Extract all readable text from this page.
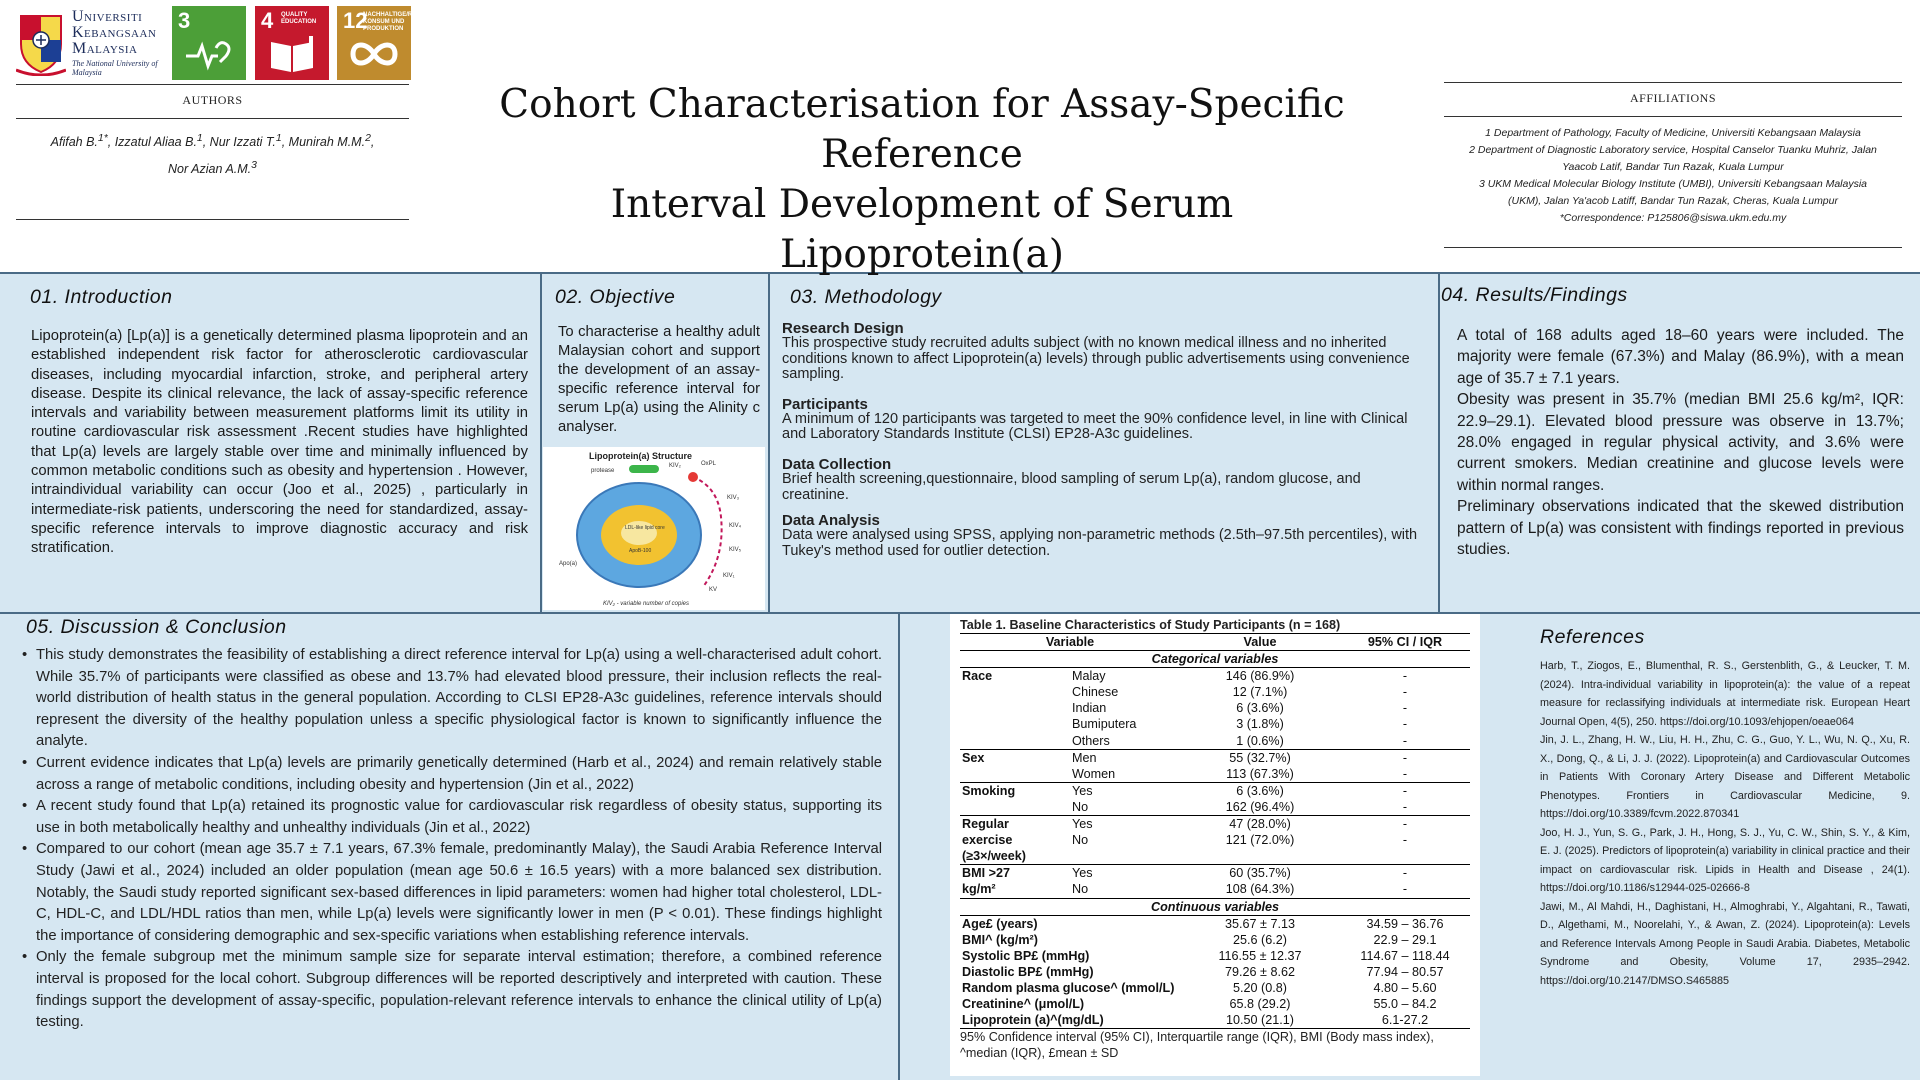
Universiti
Kebangsaan
Malaysia
The National University of Malaysia
3	4	QUALITY EDUCATION	12
NACHHALTIGE/R KONSUM UND PRODUKTION
AUTHORS
Afifah B.$^{1*}$, Izzatul Aliaa B.$^1$, Nur Izzati T.$^1$, Munirah M.M.$^2$,
Nor Azian A.M.$^3$
Cohort Characterisation for Assay-Specific Reference
Interval Development of Serum
Lipoprotein(a)
AFFILIATIONS
1 Department of Pathology, Faculty of Medicine, Universiti Kebangsaan Malaysia
2 Department of Diagnostic Laboratory service, Hospital Canselor Tuanku Muhriz, Jalan
Yaacob Latif, Bandar Tun Razak, Kuala Lumpur
3 UKM Medical Molecular Biology Institute (UMBI), Universiti Kebangsaan Malaysia
(UKM), Jalan Ya'acob Latiff, Bandar Tun Razak, Cheras, Kuala Lumpur
*Correspondence: P125806@siswa.ukm.edu.my
01. Introduction
Lipoprotein(a) [Lp(a)] is a genetically determined plasma lipoprotein and an established independent risk factor for atherosclerotic cardiovascular diseases, including myocardial infarction, stroke, and peripheral artery disease. Despite its clinical relevance, the lack of assay-specific reference intervals and variability between measurement platforms limit its utility in routine cardiovascular risk assessment .Recent studies have highlighted that Lp(a) levels are largely stable over time and minimally influenced by common metabolic conditions such as obesity and hypertension . However, intraindividual variability can occur (Joo et al., 2025) , particularly in intermediate-risk patients, underscoring the need for standardized, assay-specific reference intervals to improve diagnostic accuracy and risk stratification.
02. Objective
To characterise a healthy adult Malaysian cohort and support the development of an assay-specific reference interval for serum Lp(a) using the Alinity c analyser.
Lipoprotein(a) Structure
protease
LDL-like lipid core
ApoB-100
OxPL
KIV₂
KIV₃
KIV₄
KIV₅
Apo(a)
KIV₁
KV
KIV₂ - variable number of copies
03. Methodology
Research Design
This prospective study recruited adults subject (with no known medical illness and no inherited conditions known to affect Lipoprotein(a) levels) through public advertisements using convenience sampling.
Participants
A minimum of 120 participants was targeted to meet the 90% confidence level, in line with Clinical and Laboratory Standards Institute (CLSI) EP28-A3c guidelines.
Data Collection
Brief health screening,questionnaire, blood sampling of serum Lp(a), random glucose, and creatinine.
Data Analysis
Data were analysed using SPSS, applying non-parametric methods (2.5th–97.5th percentiles), with Tukey's method used for outlier detection.
04. Results/Findings
A total of 168 adults aged 18–60 years were included. The majority were female (67.3%) and Malay (86.9%), with a mean age of 35.7 ± 7.1 years.
Obesity was present in 35.7% (median BMI 25.6 kg/m², IQR: 22.9–29.1). Elevated blood pressure was observe in 13.7%; 28.0% engaged in regular physical activity, and 3.6% were current smokers. Median creatinine and glucose levels were within normal ranges.
Preliminary observations indicated that the skewed distribution pattern of Lp(a) was consistent with findings reported in previous studies.
05. Discussion & Conclusion
• This study demonstrates the feasibility of establishing a direct reference interval for Lp(a) using a well-characterised adult cohort. While 35.7% of participants were classified as obese and 13.7% had elevated blood pressure, their inclusion reflects the real-world distribution of health status in the general population. According to CLSI EP28-A3c guidelines, reference intervals should represent the diversity of the healthy population unless a specific physiological factor is known to significantly influence the analyte.
• Current evidence indicates that Lp(a) levels are primarily genetically determined (Harb et al., 2024) and remain relatively stable across a range of metabolic conditions, including obesity and hypertension (Jin et al., 2022)
• A recent study found that Lp(a) retained its prognostic value for cardiovascular risk regardless of obesity status, supporting its use in both metabolically healthy and unhealthy individuals (Jin et al., 2022)
• Compared to our cohort (mean age 35.7 ± 7.1 years, 67.3% female, predominantly Malay), the Saudi Arabia Reference Interval Study (Jawi et al., 2024) included an older population (mean age 50.6 ± 16.5 years) with a more balanced sex distribution. Notably, the Saudi study reported significant sex-based differences in lipid parameters: women had higher total cholesterol, LDL-C, HDL-C, and LDL/HDL ratios than men, while Lp(a) levels were significantly lower in men (P < 0.01). These findings highlight the importance of considering demographic and sex-specific variations when establishing reference intervals.
• Only the female subgroup met the minimum sample size for separate interval estimation; therefore, a combined reference interval is proposed for the local cohort. Subgroup differences will be reported descriptively and interpreted with caution. These findings support the development of assay-specific, population-relevant reference intervals to enhance the clinical utility of Lp(a) testing.
Table 1. Baseline Characteristics of Study Participants (n = 168)
Variable		Value	95% CI / IQR
Categorical variables			
Race	Malay	146 (86.9%)	-
	Chinese	12 (7.1%)	-
	Indian	6 (3.6%)	-
	Bumiputera	3 (1.8%)	-
	Others	1 (0.6%)	-
Sex	Men	55 (32.7%)	-
	Women	113 (67.3%)	-
Smoking	Yes	6 (3.6%)	-
	No	162 (96.4%)	-
Regular	Yes	47 (28.0%)	-
exercise (≥3×/week)	No	121 (72.0%)	-
BMI >27	Yes	60 (35.7%)	-
kg/m²	No	108 (64.3%)	-
Continuous variables			
Age£ (years)		35.67 ± 7.13	34.59 – 36.76
BMI^ (kg/m²)		25.6 (6.2)	22.9 – 29.1
Systolic BP£ (mmHg)		116.55 ± 12.37	114.67 – 118.44
Diastolic BP£ (mmHg)		79.26 ± 8.62	77.94 – 80.57
Random plasma glucose^ (mmol/L)		5.20 (0.8)	4.80 – 5.60
Creatinine^ (μmol/L)		65.8 (29.2)	55.0 – 84.2
Lipoprotein (a)^(mg/dL)		10.50 (21.1)	6.1-27.2
95% Confidence interval (95% CI), Interquartile range (IQR), BMI (Body mass index), ^median (IQR), £mean ± SD
References

Harb, T., Ziogos, E., Blumenthal, R. S., Gerstenblith, G., & Leucker, T. M. (2024). Intra-individual variability in lipoprotein(a): the value of a repeat measure for reclassifying individuals at intermediate risk. European Heart Journal Open, 4(5), 250. https://doi.org/10.1093/ehjopen/oeae064

Jin, J. L., Zhang, H. W., Liu, H. H., Zhu, C. G., Guo, Y. L., Wu, N. Q., Xu, R. X., Dong, Q., & Li, J. J. (2022). Lipoprotein(a) and Cardiovascular Outcomes in Patients With Coronary Artery Disease and Different Metabolic Phenotypes. Frontiers in Cardiovascular Medicine, 9. https://doi.org/10.3389/fcvm.2022.870341

Joo, H. J., Yun, S. G., Park, J. H., Hong, S. J., Yu, C. W., Shin, S. Y., & Kim, E. J. (2025). Predictors of lipoprotein(a) variability in clinical practice and their impact on cardiovascular risk. Lipids in Health and Disease , 24(1). https://doi.org/10.1186/s12944-025-02666-8

Jawi, M., Al Mahdi, H., Daghistani, H., Almoghrabi, Y., Algahtani, R., Tawati, D., Algethami, M., Noorelahi, Y., & Awan, Z. (2024). Lipoprotein(a): Levels and Reference Intervals Among People in Saudi Arabia. Diabetes, Metabolic Syndrome and Obesity, Volume 17, 2935–2942. https://doi.org/10.2147/DMSO.S465885
